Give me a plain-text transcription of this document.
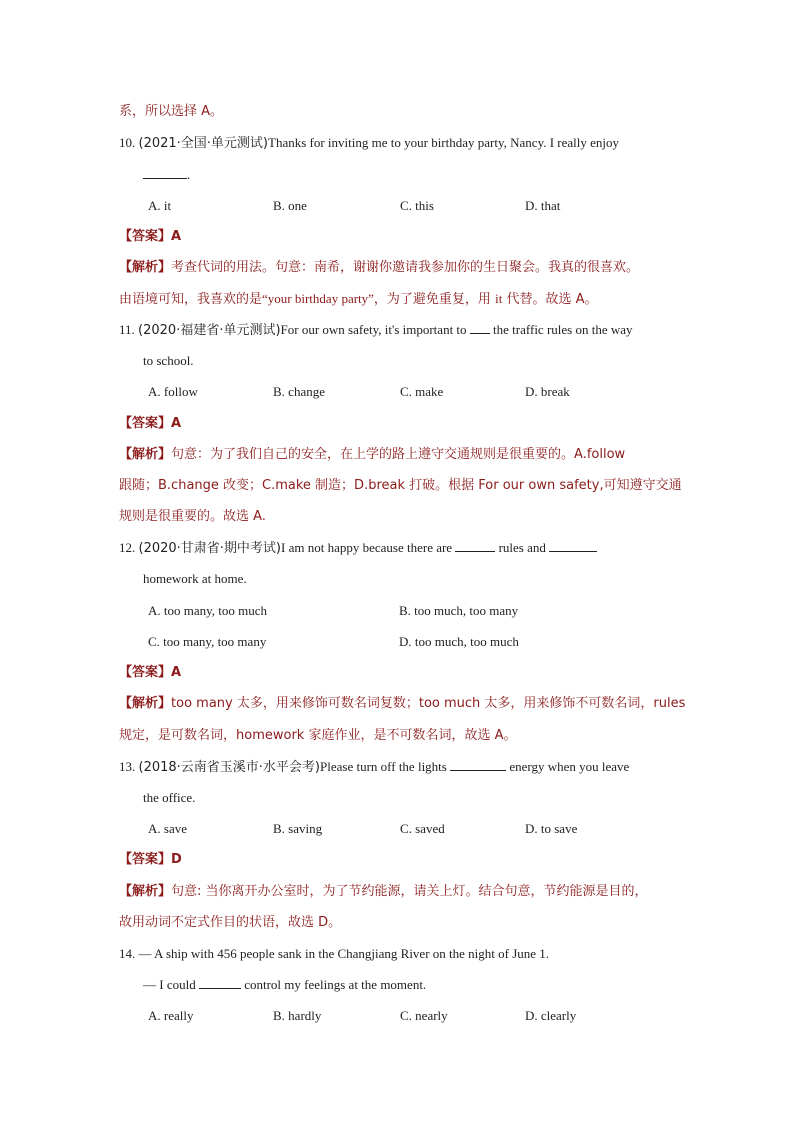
系，所以选择 A。
10. (2021·全国·单元测试)Thanks for inviting me to your birthday party, Nancy. I really enjoy
.
A. it	B. one	C. this	D. that
【答案】A
【解析】考查代词的用法。句意：南希，谢谢你邀请我参加你的生日聚会。我真的很喜欢。
由语境可知，我喜欢的是“your birthday party”，为了避免重复，用 it 代替。故选 A。
11. (2020·福建省·单元测试)For our own safety, it's important to the traffic rules on the way
to school.
A. follow	B. change	C. make	D. break
【答案】A
【解析】句意：为了我们自己的安全，在上学的路上遵守交通规则是很重要的。A.follow
跟随；B.change 改变；C.make 制造；D.break 打破。根据 For our own safety,可知遵守交通
规则是很重要的。故选 A.
12. (2020·甘肃省·期中考试)I am not happy because there are	rules and
homework at home.
A. too many, too much	B. too much, too many
C. too many, too many	D. too much, too much
【答案】A
【解析】too many 太多，用来修饰可数名词复数；too much 太多，用来修饰不可数名词，rules
规定，是可数名词，homework 家庭作业，是不可数名词，故选 A。
13. (2018·云南省玉溪市·水平会考)Please turn off the lights	energy when you leave
the office.
A. save	B. saving	C. saved	D. to save
【答案】D
【解析】句意: 当你离开办公室时，为了节约能源，请关上灯。结合句意，节约能源是目的，
故用动词不定式作目的状语，故选 D。
14. — A ship with 456 people sank in the Changjiang River on the night of June 1.
— I could	control my feelings at the moment.
A. really	B. hardly	C. nearly	D. clearly
